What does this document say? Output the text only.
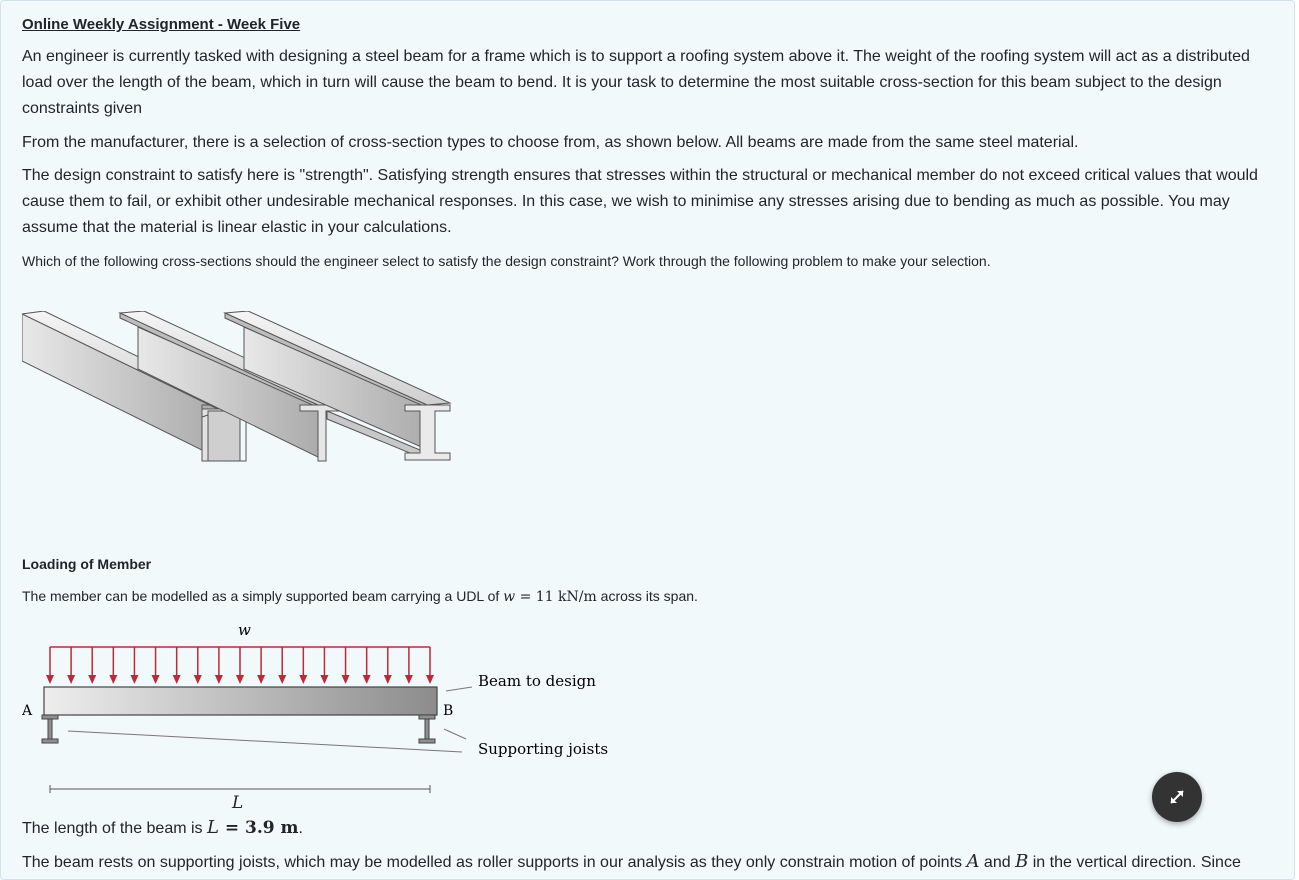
Online Weekly Assignment - Week Five

An engineer is currently tasked with designing a steel beam for a frame which is to support a roofing system above it. The weight of the roofing system will act as a distributed load over the length of the beam, which in turn will cause the beam to bend. It is your task to determine the most suitable cross-section for this beam subject to the design constraints given

From the manufacturer, there is a selection of cross-section types to choose from, as shown below. All beams are made from the same steel material.

The design constraint to satisfy here is "strength". Satisfying strength ensures that stresses within the structural or mechanical member do not exceed critical values that would cause them to fail, or exhibit other undesirable mechanical responses. In this case, we wish to minimise any stresses arising due to bending as much as possible. You may assume that the material is linear elastic in your calculations.

Which of the following cross-sections should the engineer select to satisfy the design constraint? Work through the following problem to make your selection.

Loading of Member

The member can be modelled as a simply supported beam carrying a UDL of w = 11 kN/m across its span.

w
A	B
Beam to design
Supporting joists
L

The length of the beam is L = 3.9 m.

The beam rests on supporting joists, which may be modelled as roller supports in our analysis as they only constrain motion of points A and B in the vertical direction. Since
